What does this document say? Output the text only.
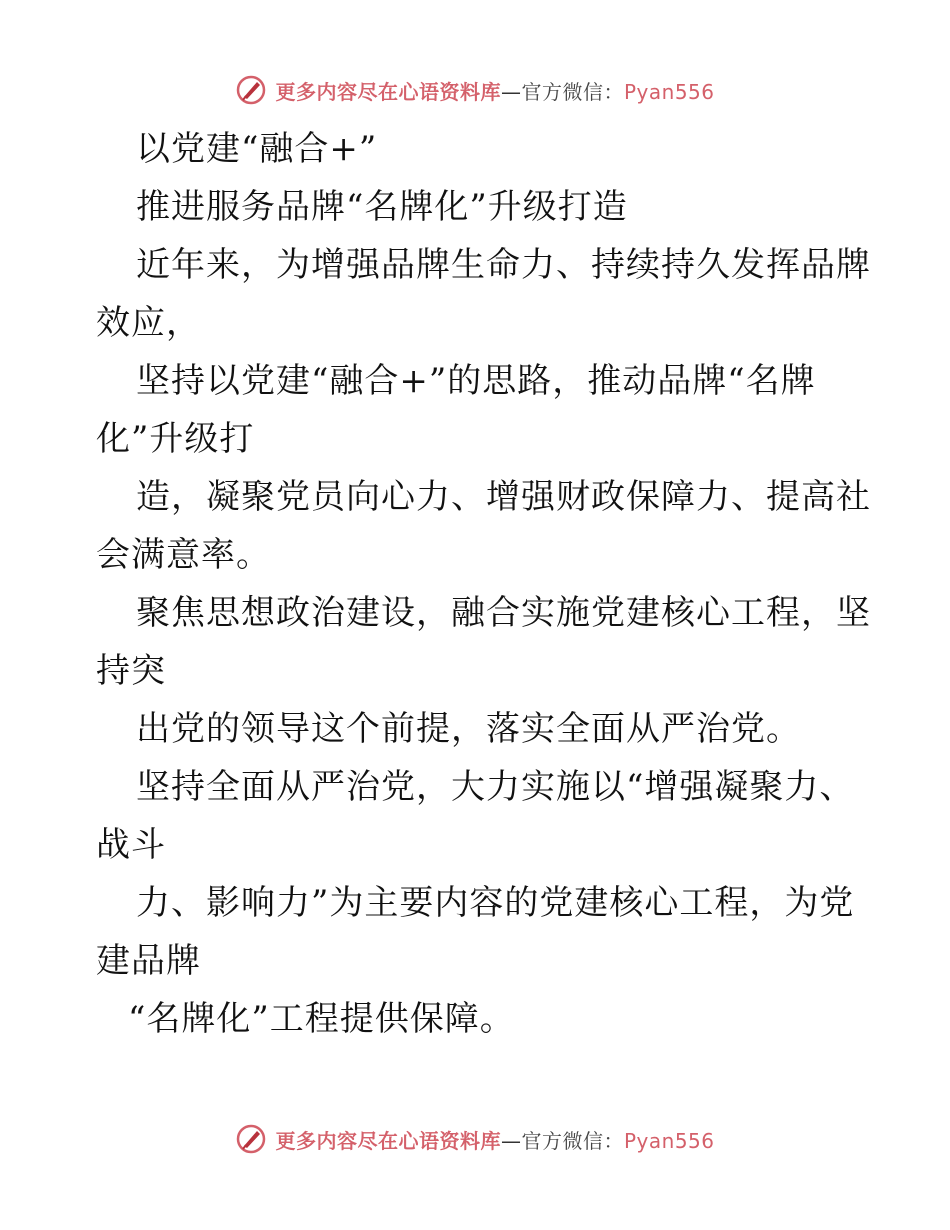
更多内容尽在心语资料库—官方微信：Pyan556
以党建“融合+”
推进服务品牌“名牌化”升级打造
近年来，为增强品牌生命力、持续持久发挥品牌
效应，
坚持以党建“融合+”的思路，推动品牌“名牌
化”升级打
造，凝聚党员向心力、增强财政保障力、提高社
会满意率。
聚焦思想政治建设，融合实施党建核心工程，坚
持突
出党的领导这个前提，落实全面从严治党。
坚持全面从严治党，大力实施以“增强凝聚力、
战斗
力、影响力”为主要内容的党建核心工程，为党
建品牌
“名牌化”工程提供保障。
更多内容尽在心语资料库—官方微信：Pyan556
